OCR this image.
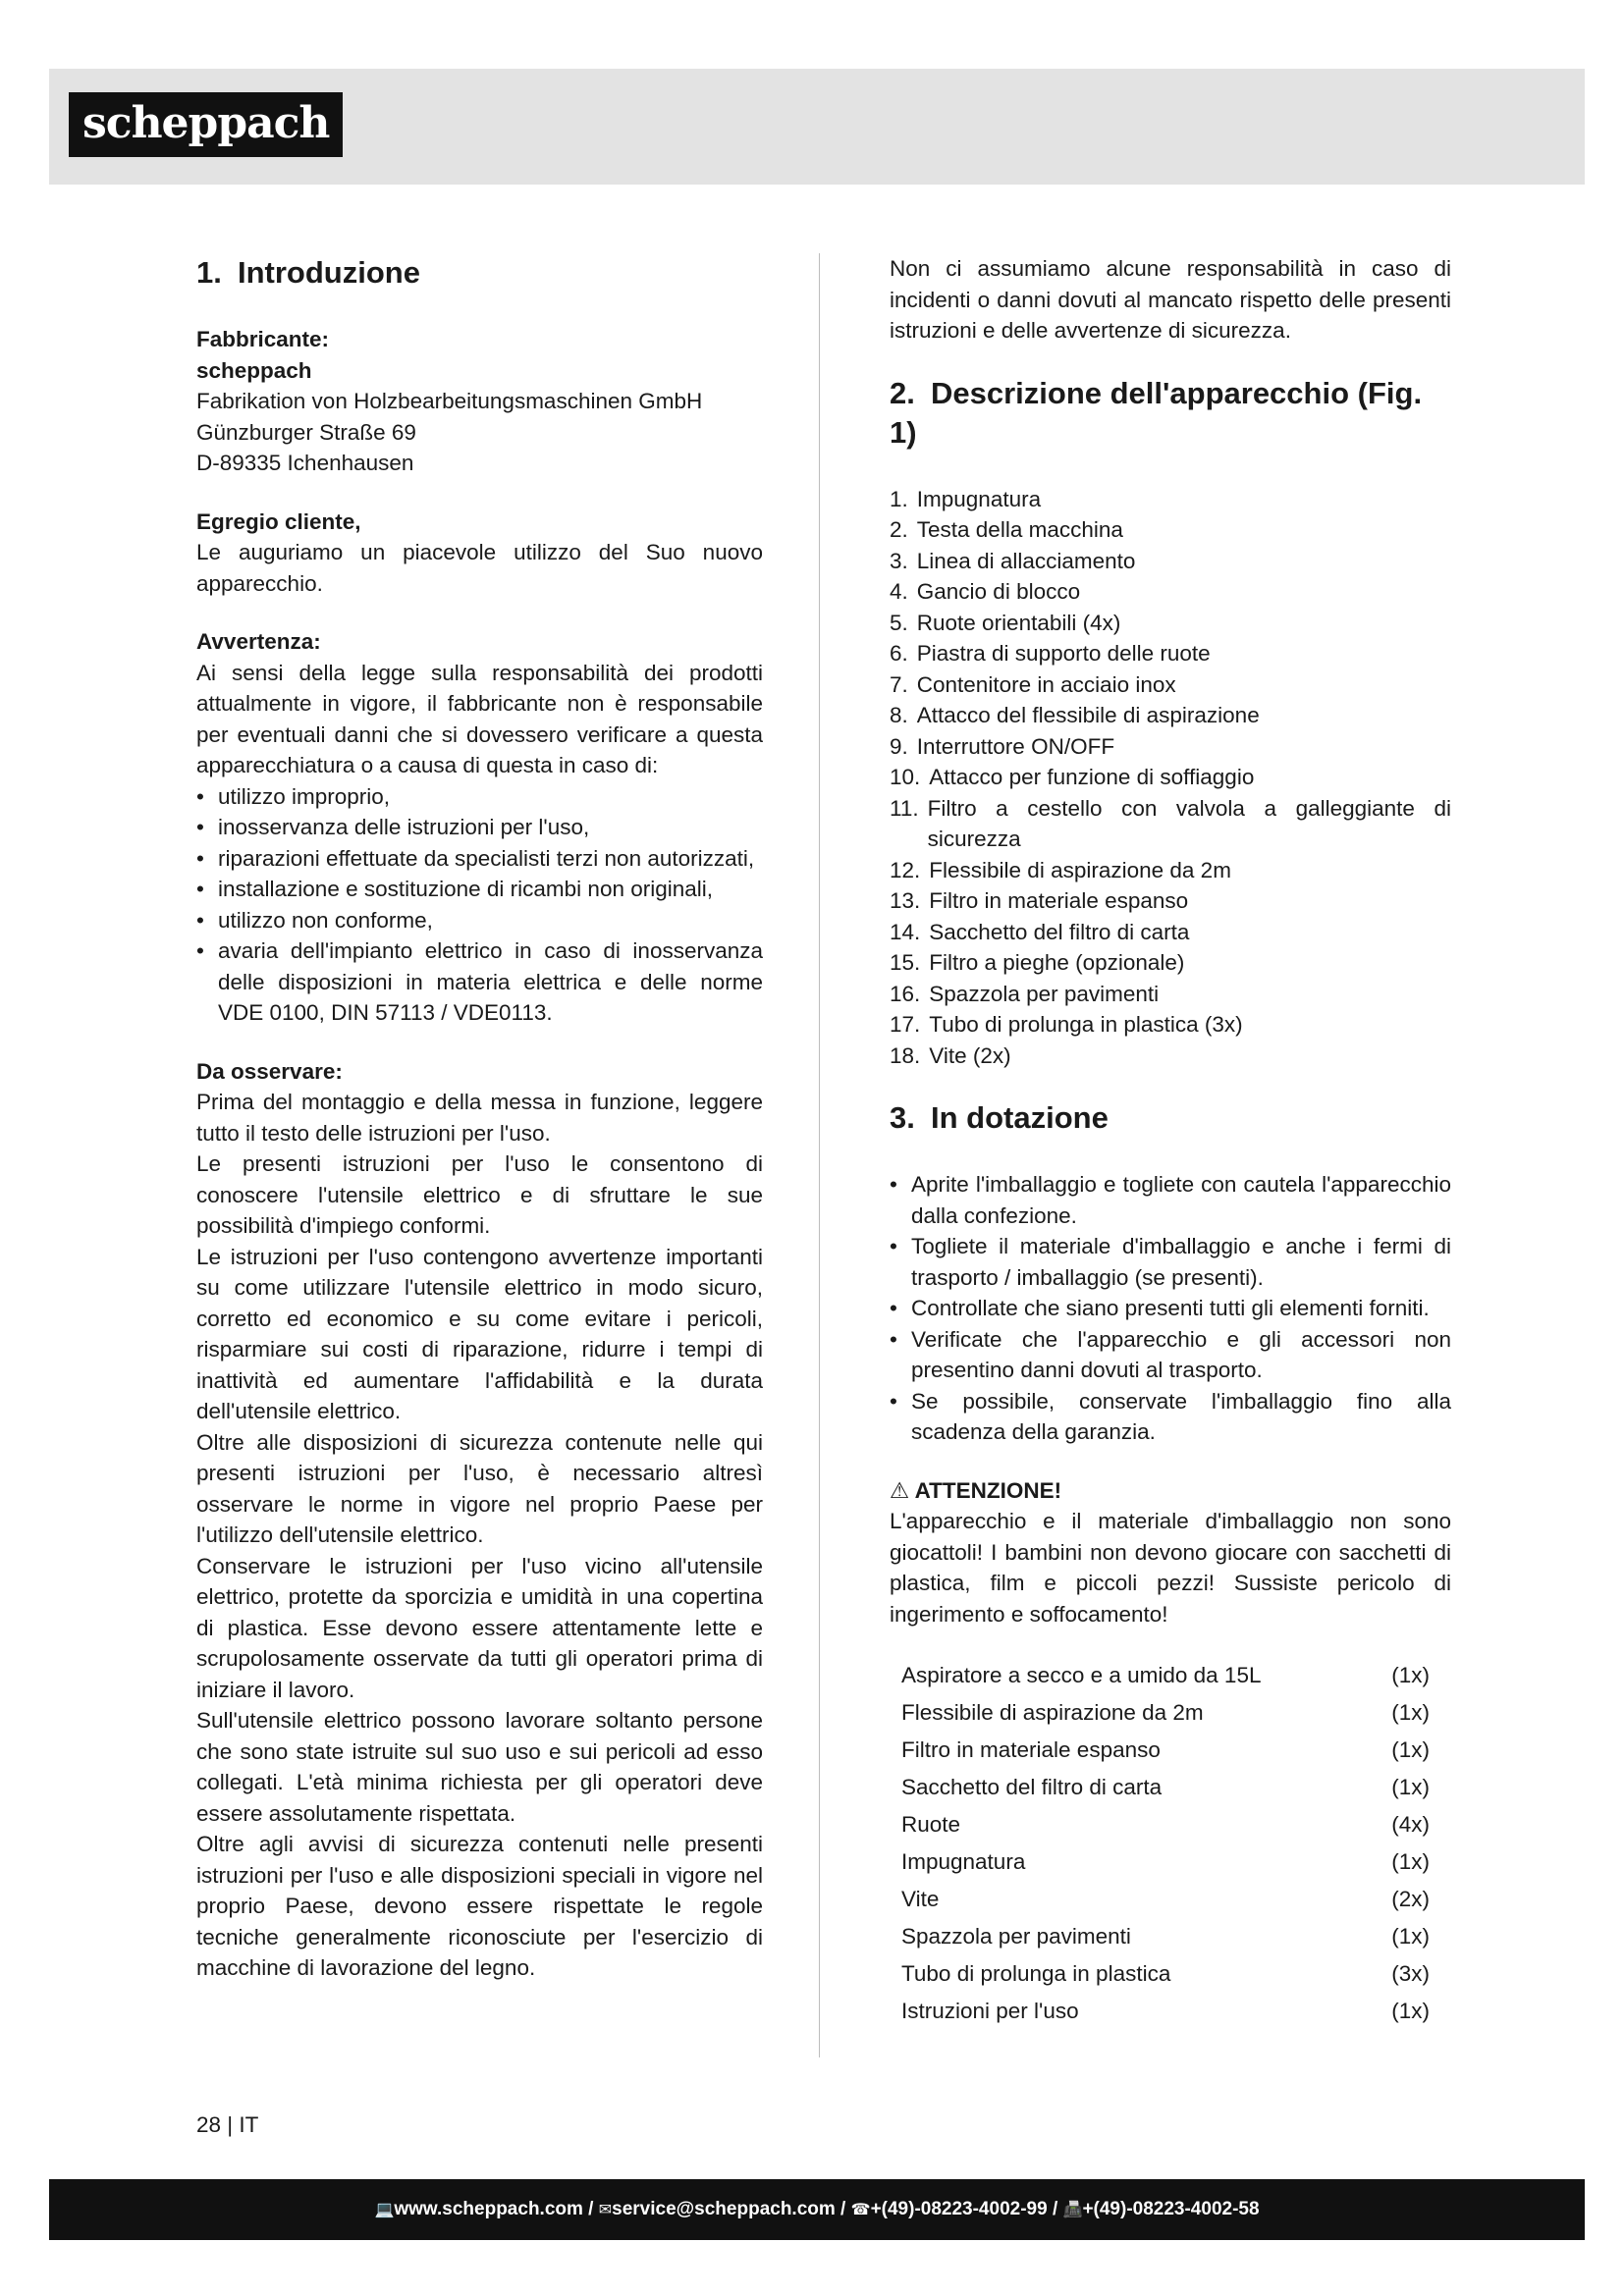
scheppach
1. Introduzione

Fabbricante:

scheppach

Fabrikation von Holzbearbeitungsmaschinen GmbH

Günzburger Straße 69

D-89335 Ichenhausen

Egregio cliente,

Le auguriamo un piacevole utilizzo del Suo nuovo apparecchio.

Avvertenza:

Ai sensi della legge sulla responsabilità dei prodotti attualmente in vigore, il fabbricante non è responsabile per eventuali danni che si dovessero verificare a questa apparecchiatura o a causa di questa in caso di:

• utilizzo improprio,
• inosservanza delle istruzioni per l'uso,
• riparazioni effettuate da specialisti terzi non autorizzati,
• installazione e sostituzione di ricambi non originali,
• utilizzo non conforme,
• avaria dell'impianto elettrico in caso di inosservanza delle disposizioni in materia elettrica e delle norme VDE 0100, DIN 57113 / VDE0113.

Da osservare:

Prima del montaggio e della messa in funzione, leggere tutto il testo delle istruzioni per l'uso.

Le presenti istruzioni per l'uso le consentono di conoscere l'utensile elettrico e di sfruttare le sue possibilità d'impiego conformi.

Le istruzioni per l'uso contengono avvertenze importanti su come utilizzare l'utensile elettrico in modo sicuro, corretto ed economico e su come evitare i pericoli, risparmiare sui costi di riparazione, ridurre i tempi di inattività ed aumentare l'affidabilità e la durata dell'utensile elettrico.

Oltre alle disposizioni di sicurezza contenute nelle qui presenti istruzioni per l'uso, è necessario altresì osservare le norme in vigore nel proprio Paese per l'utilizzo dell'utensile elettrico.

Conservare le istruzioni per l'uso vicino all'utensile elettrico, protette da sporcizia e umidità in una copertina di plastica. Esse devono essere attentamente lette e scrupolosamente osservate da tutti gli operatori prima di iniziare il lavoro.

Sull'utensile elettrico possono lavorare soltanto persone che sono state istruite sul suo uso e sui pericoli ad esso collegati. L'età minima richiesta per gli operatori deve essere assolutamente rispettata.

Oltre agli avvisi di sicurezza contenuti nelle presenti istruzioni per l'uso e alle disposizioni speciali in vigore nel proprio Paese, devono essere rispettate le regole tecniche generalmente riconosciute per l'esercizio di macchine di lavorazione del legno.

Non ci assumiamo alcune responsabilità in caso di incidenti o danni dovuti al mancato rispetto delle presenti istruzioni e delle avvertenze di sicurezza.

2. Descrizione dell'apparecchio (Fig. 1)
1. Impugnatura
2. Testa della macchina
3. Linea di allacciamento
4. Gancio di blocco
5. Ruote orientabili (4x)
6. Piastra di supporto delle ruote
7. Contenitore in acciaio inox
8. Attacco del flessibile di aspirazione
9. Interruttore ON/OFF
10. Attacco per funzione di soffiaggio
11. Filtro a cestello con valvola a galleggiante di sicurezza
12. Flessibile di aspirazione da 2m
13. Filtro in materiale espanso
14. Sacchetto del filtro di carta
15. Filtro a pieghe (opzionale)
16. Spazzola per pavimenti
17. Tubo di prolunga in plastica (3x)
18. Vite (2x)
3. In dotazione
• Aprite l'imballaggio e togliete con cautela l'apparecchio dalla confezione.
• Togliete il materiale d'imballaggio e anche i fermi di trasporto / imballaggio (se presenti).
• Controllate che siano presenti tutti gli elementi forniti.
• Verificate che l'apparecchio e gli accessori non presentino danni dovuti al trasporto.
• Se possibile, conservate l'imballaggio fino alla scadenza della garanzia.

⚠ ATTENZIONE!

L'apparecchio e il materiale d'imballaggio non sono giocattoli! I bambini non devono giocare con sacchetti di plastica, film e piccoli pezzi! Sussiste pericolo di ingerimento e soffocamento!

Aspiratore a secco e a umido da 15L	(1x)
Flessibile di aspirazione da 2m	(1x)
Filtro in materiale espanso	(1x)
Sacchetto del filtro di carta	(1x)
Ruote	(4x)
Impugnatura	(1x)
Vite	(2x)
Spazzola per pavimenti	(1x)
Tubo di prolunga in plastica	(3x)
Istruzioni per l'uso	(1x)
28 | IT
💻 www.scheppach.com / ✉ service@scheppach.com / ☎ +(49)-08223-4002-99 / 📠 +(49)-08223-4002-58
